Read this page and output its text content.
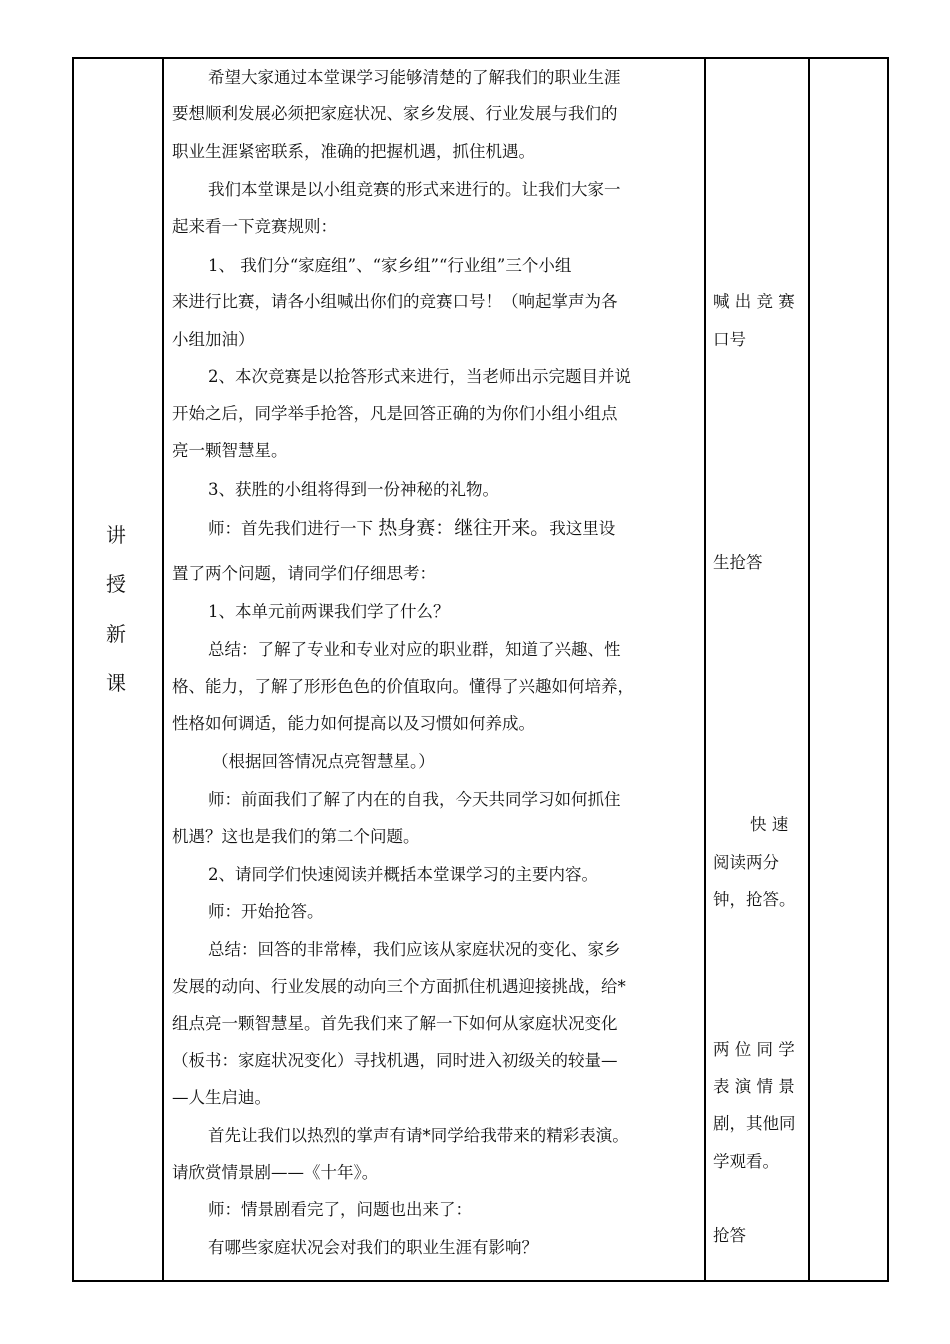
讲
授
新
课
希望大家通过本堂课学习能够清楚的了解我们的职业生涯
要想顺利发展必须把家庭状况、家乡发展、行业发展与我们的
职业生涯紧密联系，准确的把握机遇，抓住机遇。
我们本堂课是以小组竞赛的形式来进行的。让我们大家一
起来看一下竞赛规则：
1、 我们分“家庭组”、“家乡组”“行业组”三个小组
来进行比赛，请各小组喊出你们的竞赛口号！（响起掌声为各
小组加油）
2、本次竞赛是以抢答形式来进行，当老师出示完题目并说
开始之后，同学举手抢答，凡是回答正确的为你们小组小组点
亮一颗智慧星。
3、获胜的小组将得到一份神秘的礼物。
师：首先我们进行一下 热身赛：继往开来。我这里设
置了两个问题，请同学们仔细思考：
1、本单元前两课我们学了什么？
总结：了解了专业和专业对应的职业群，知道了兴趣、性
格、能力，了解了形形色色的价值取向。懂得了兴趣如何培养，
性格如何调适，能力如何提高以及习惯如何养成。
（根据回答情况点亮智慧星。）
师：前面我们了解了内在的自我，今天共同学习如何抓住
机遇？这也是我们的第二个问题。
2、请同学们快速阅读并概括本堂课学习的主要内容。
师：开始抢答。
总结：回答的非常棒，我们应该从家庭状况的变化、家乡
发展的动向、行业发展的动向三个方面抓住机遇迎接挑战，给*
组点亮一颗智慧星。首先我们来了解一下如何从家庭状况变化
（板书：家庭状况变化）寻找机遇，同时进入初级关的较量—
—人生启迪。
首先让我们以热烈的掌声有请*同学给我带来的精彩表演。
请欣赏情景剧——《十年》。
师：情景剧看完了，问题也出来了：
有哪些家庭状况会对我们的职业生涯有影响？
喊 出 竞 赛
口号
生抢答
快 速
阅读两分
钟，抢答。
两 位 同 学
表 演 情 景
剧，其他同
学观看。
抢答
